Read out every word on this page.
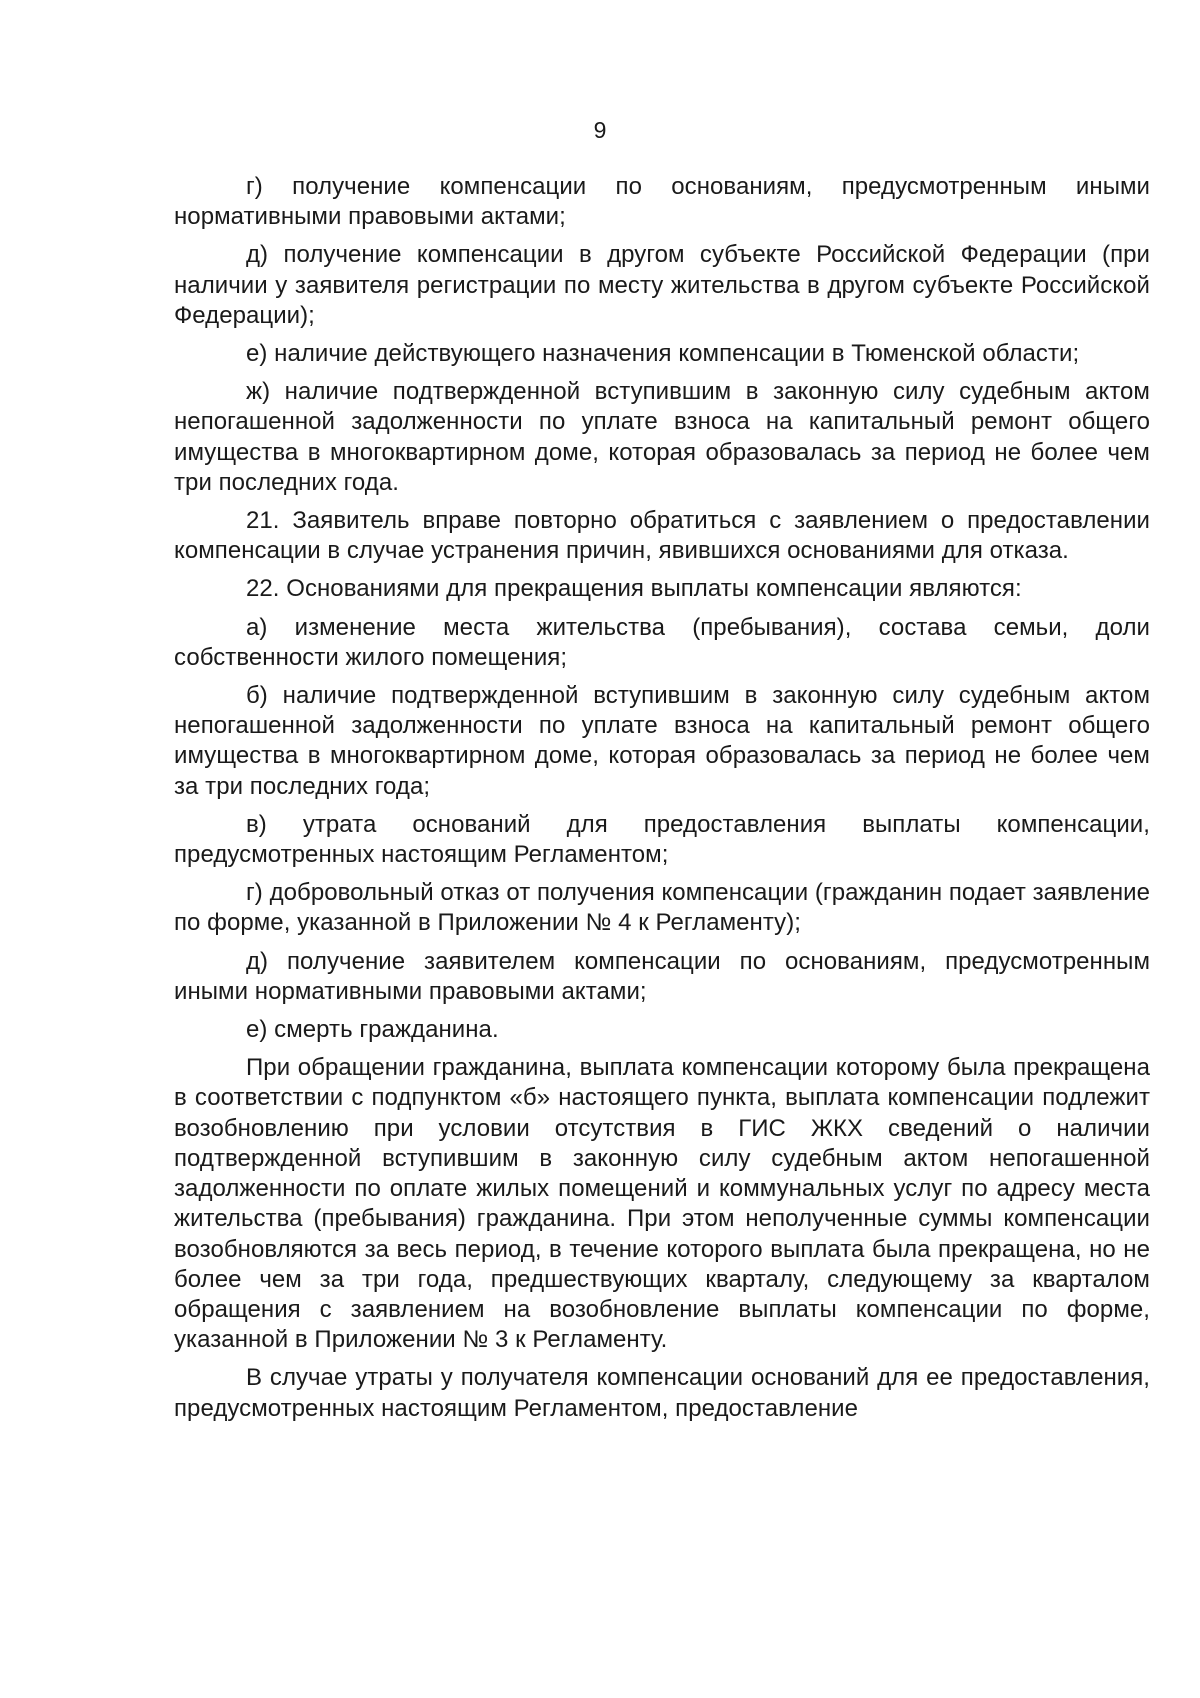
9

г) получение компенсации по основаниям, предусмотренным иными нормативными правовыми актами;

д) получение компенсации в другом субъекте Российской Федерации (при наличии у заявителя регистрации по месту жительства в другом субъекте Российской Федерации);

е) наличие действующего назначения компенсации в Тюменской области;

ж) наличие подтвержденной вступившим в законную силу судебным актом непогашенной задолженности по уплате взноса на капитальный ремонт общего имущества в многоквартирном доме, которая образовалась за период не более чем три последних года.

21. Заявитель вправе повторно обратиться с заявлением о предоставлении компенсации в случае устранения причин, явившихся основаниями для отказа.

22. Основаниями для прекращения выплаты компенсации являются:

а) изменение места жительства (пребывания), состава семьи, доли собственности жилого помещения;

б) наличие подтвержденной вступившим в законную силу судебным актом непогашенной задолженности по уплате взноса на капитальный ремонт общего имущества в многоквартирном доме, которая образовалась за период не более чем за три последних года;

в) утрата оснований для предоставления выплаты компенсации, предусмотренных настоящим Регламентом;

г) добровольный отказ от получения компенсации (гражданин подает заявление по форме, указанной в Приложении № 4 к Регламенту);

д) получение заявителем компенсации по основаниям, предусмотренным иными нормативными правовыми актами;

е) смерть гражданина.

При обращении гражданина, выплата компенсации которому была прекращена в соответствии с подпунктом «б» настоящего пункта, выплата компенсации подлежит возобновлению при условии отсутствия в ГИС ЖКХ сведений о наличии подтвержденной вступившим в законную силу судебным актом непогашенной задолженности по оплате жилых помещений и коммунальных услуг по адресу места жительства (пребывания) гражданина. При этом неполученные суммы компенсации возобновляются за весь период, в течение которого выплата была прекращена, но не более чем за три года, предшествующих кварталу, следующему за кварталом обращения с заявлением на возобновление выплаты компенсации по форме, указанной в Приложении № 3 к Регламенту.

В случае утраты у получателя компенсации оснований для ее предоставления, предусмотренных настоящим Регламентом, предоставление
